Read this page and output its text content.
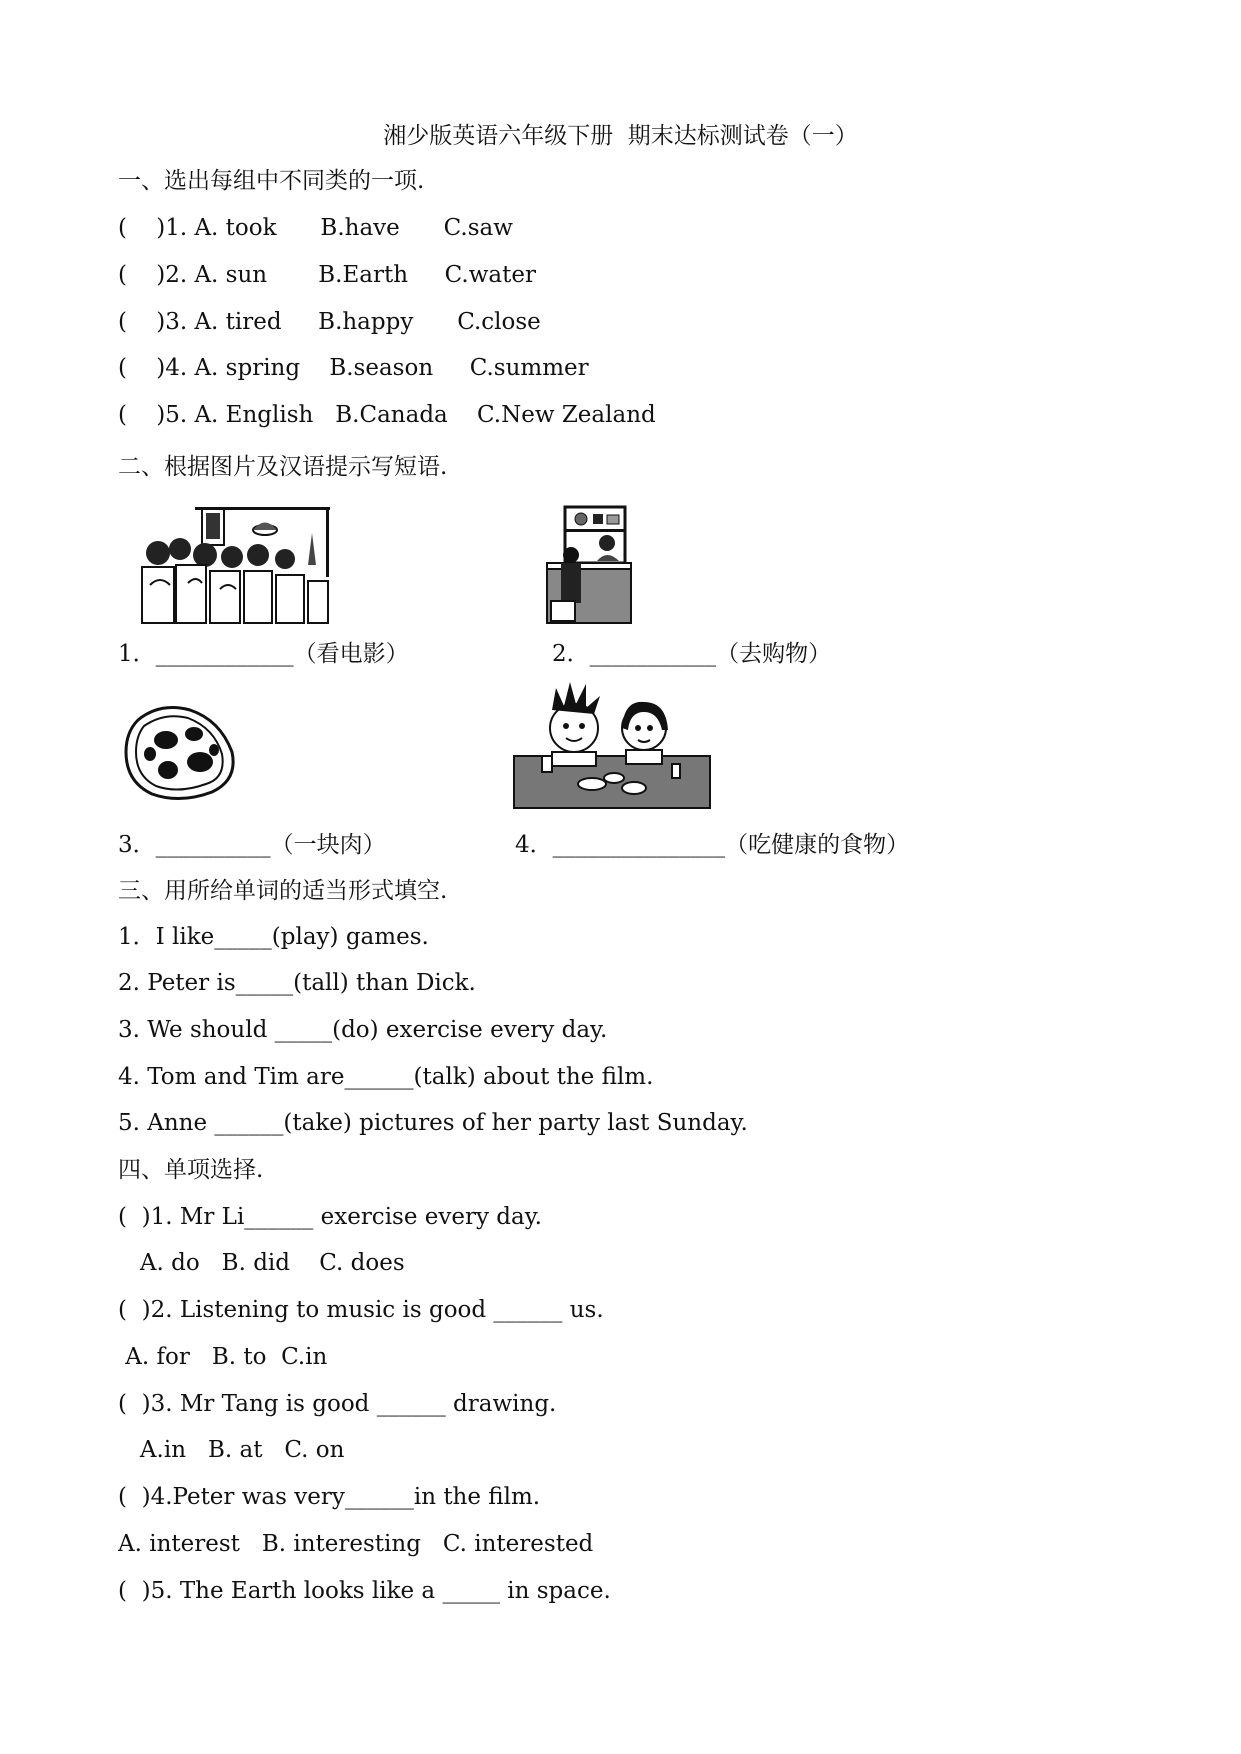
湘少版英语六年级下册  期末达标测试卷（一）
一、选出每组中不同类的一项.
(    )1. A. took      B.have      C.saw
(    )2. A. sun       B.Earth     C.water
(    )3. A. tired     B.happy      C.close
(    )4. A. spring    B.season     C.summer
(    )5. A. English   B.Canada    C.New Zealand
二、根据图片及汉语提示写短语.
1．____________（看电影）	2．___________（去购物）
3．__________（一块肉）	4．_______________（吃健康的食物）
三、用所给单词的适当形式填空.
1．I like_____(play) games.
2. Peter is_____(tall) than Dick.
3. We should _____(do) exercise every day.
4. Tom and Tim are______(talk) about the film.
5. Anne ______(take) pictures of her party last Sunday.
四、单项选择.
(  )1. Mr Li______ exercise every day.
A. do   B. did    C. does
(  )2. Listening to music is good ______ us.
A. for   B. to  C.in
(  )3. Mr Tang is good ______ drawing.
A.in   B. at   C. on
(  )4.Peter was very______in the film.
A. interest   B. interesting   C. interested
(  )5. The Earth looks like a _____ in space.
